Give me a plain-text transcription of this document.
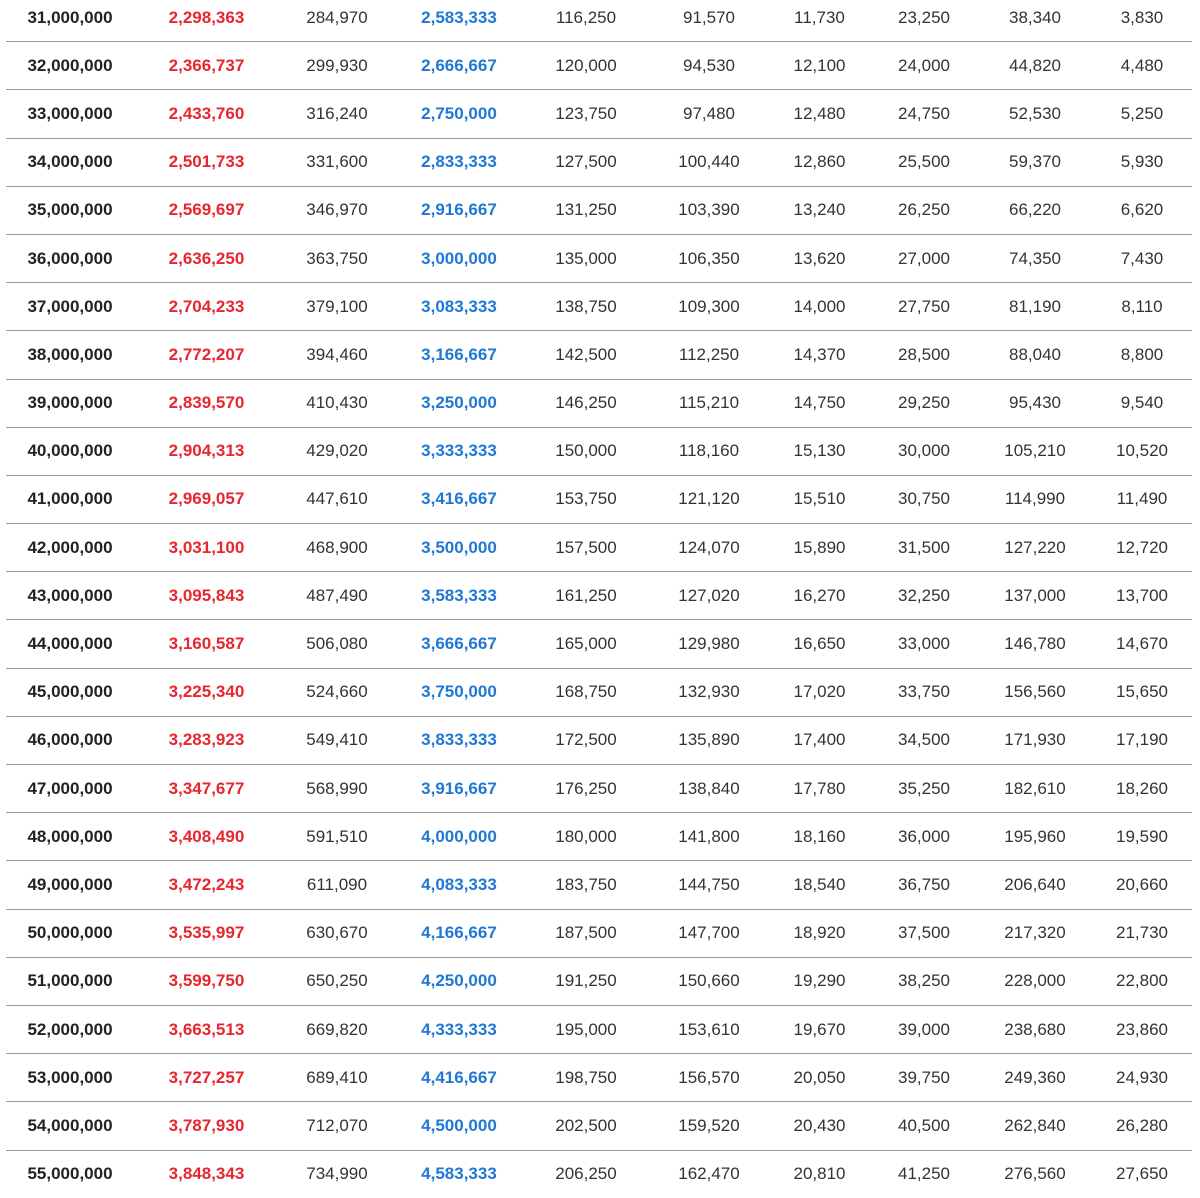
31,000,000	2,298,363	284,970	2,583,333	116,250	91,570	11,730	23,250	38,340	3,830
32,000,000	2,366,737	299,930	2,666,667	120,000	94,530	12,100	24,000	44,820	4,480
33,000,000	2,433,760	316,240	2,750,000	123,750	97,480	12,480	24,750	52,530	5,250
34,000,000	2,501,733	331,600	2,833,333	127,500	100,440	12,860	25,500	59,370	5,930
35,000,000	2,569,697	346,970	2,916,667	131,250	103,390	13,240	26,250	66,220	6,620
36,000,000	2,636,250	363,750	3,000,000	135,000	106,350	13,620	27,000	74,350	7,430
37,000,000	2,704,233	379,100	3,083,333	138,750	109,300	14,000	27,750	81,190	8,110
38,000,000	2,772,207	394,460	3,166,667	142,500	112,250	14,370	28,500	88,040	8,800
39,000,000	2,839,570	410,430	3,250,000	146,250	115,210	14,750	29,250	95,430	9,540
40,000,000	2,904,313	429,020	3,333,333	150,000	118,160	15,130	30,000	105,210	10,520
41,000,000	2,969,057	447,610	3,416,667	153,750	121,120	15,510	30,750	114,990	11,490
42,000,000	3,031,100	468,900	3,500,000	157,500	124,070	15,890	31,500	127,220	12,720
43,000,000	3,095,843	487,490	3,583,333	161,250	127,020	16,270	32,250	137,000	13,700
44,000,000	3,160,587	506,080	3,666,667	165,000	129,980	16,650	33,000	146,780	14,670
45,000,000	3,225,340	524,660	3,750,000	168,750	132,930	17,020	33,750	156,560	15,650
46,000,000	3,283,923	549,410	3,833,333	172,500	135,890	17,400	34,500	171,930	17,190
47,000,000	3,347,677	568,990	3,916,667	176,250	138,840	17,780	35,250	182,610	18,260
48,000,000	3,408,490	591,510	4,000,000	180,000	141,800	18,160	36,000	195,960	19,590
49,000,000	3,472,243	611,090	4,083,333	183,750	144,750	18,540	36,750	206,640	20,660
50,000,000	3,535,997	630,670	4,166,667	187,500	147,700	18,920	37,500	217,320	21,730
51,000,000	3,599,750	650,250	4,250,000	191,250	150,660	19,290	38,250	228,000	22,800
52,000,000	3,663,513	669,820	4,333,333	195,000	153,610	19,670	39,000	238,680	23,860
53,000,000	3,727,257	689,410	4,416,667	198,750	156,570	20,050	39,750	249,360	24,930
54,000,000	3,787,930	712,070	4,500,000	202,500	159,520	20,430	40,500	262,840	26,280
55,000,000	3,848,343	734,990	4,583,333	206,250	162,470	20,810	41,250	276,560	27,650
